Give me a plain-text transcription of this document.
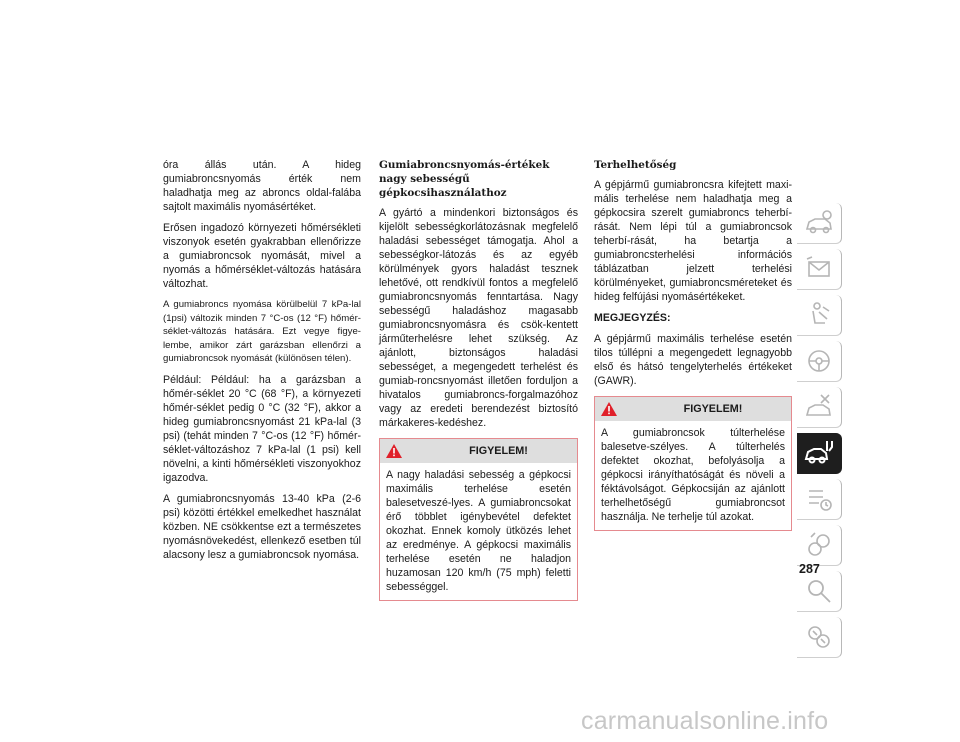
óra állás után. A hideg gumiabroncsnyomás érték nem haladhatja meg az abroncs oldal-falába sajtolt maximális nyomásértéket.

Erősen ingadozó környezeti hőmérsékleti viszonyok esetén gyakrabban ellenőrizze a gumiabroncsok nyomását, mivel a nyomás a hőmérséklet-változás hatására változhat.

A gumiabroncs nyomása körülbelül 7 kPa-lal (1psi) változik minden 7 °C-os (12 °F) hőmér-séklet-változás hatására. Ezt vegye figye-lembe, amikor zárt garázsban ellenőrzi a gumiabroncsok nyomását (különösen télen).

Például: Például: ha a garázsban a hőmér-séklet 20 °C (68 °F), a környezeti hőmér-séklet pedig 0 °C (32 °F), akkor a hideg gumiabroncsnyomást 21 kPa-lal (3 psi) (tehát minden 7 °C-os (12 °F) hőmér-séklet-változáshoz 7 kPa-lal (1 psi) kell növelni, a kinti hőmérsékleti viszonyokhoz igazodva.

A gumiabroncsnyomás 13-40 kPa (2-6 psi) közötti értékkel emelkedhet használat közben. NE csökkentse ezt a természetes nyomásnövekedést, ellenkező esetben túl alacsony lesz a gumiabroncsok nyomása.

Gumiabroncsnyomás-értékek nagy sebességű gépkocsihasználathoz

A gyártó a mindenkori biztonságos és kijelölt sebességkorlátozásnak megfelelő haladási sebességet támogatja. Ahol a sebességkor-látozás és az egyéb körülmények gyors haladást tesznek lehetővé, ott rendkívül fontos a megfelelő gumiabroncsnyomás fenntartása. Nagy sebességű haladáshoz magasabb gumiabroncsnyomásra és csök-kentett járműterhelésre lehet szükség. Az ajánlott, biztonságos haladási sebességet, a megengedett terhelést és gumiab-roncsnyomást illetően forduljon a hivatalos gumiabroncs-forgalmazóhoz vagy az eredeti berendezést biztosító márkakeres-kedéshez.

FIGYELEM!
A nagy haladási sebesség a gépkocsi maximális terhelése esetén balesetveszé-lyes. A gumiabroncsokat érő többlet igénybevétel defektet okozhat. Ennek komoly ütközés lehet az eredménye. A gépkocsi maximális terhelése esetén ne haladjon huzamosan 120 km/h (75 mph) feletti sebességgel.
Terhelhetőség

A gépjármű gumiabroncsra kifejtett maxi-mális terhelése nem haladhatja meg a gépkocsira szerelt gumiabroncs teherbí-rását. Nem lépi túl a gumiabroncsok teherbí-rását, ha betartja a gumiabroncsterhelési információs táblázatban jelzett terhelési körülményeket, gumiabroncsméreteket és hideg felfújási nyomásértékeket.

MEGJEGYZÉS:

A gépjármű maximális terhelése esetén tilos túllépni a megengedett legnagyobb első és hátsó tengelyterhelés értékeket (GAWR).

FIGYELEM!
A gumiabroncsok túlterhelése balesetve-szélyes. A túlterhelés defektet okozhat, befolyásolja a gépkocsi irányíthatóságát és növeli a féktávolságot. Gépkocsiján az ajánlott terhelhetőségű gumiabroncsot használja. Ne terhelje túl azokat.
287
carmanualsonline.info
